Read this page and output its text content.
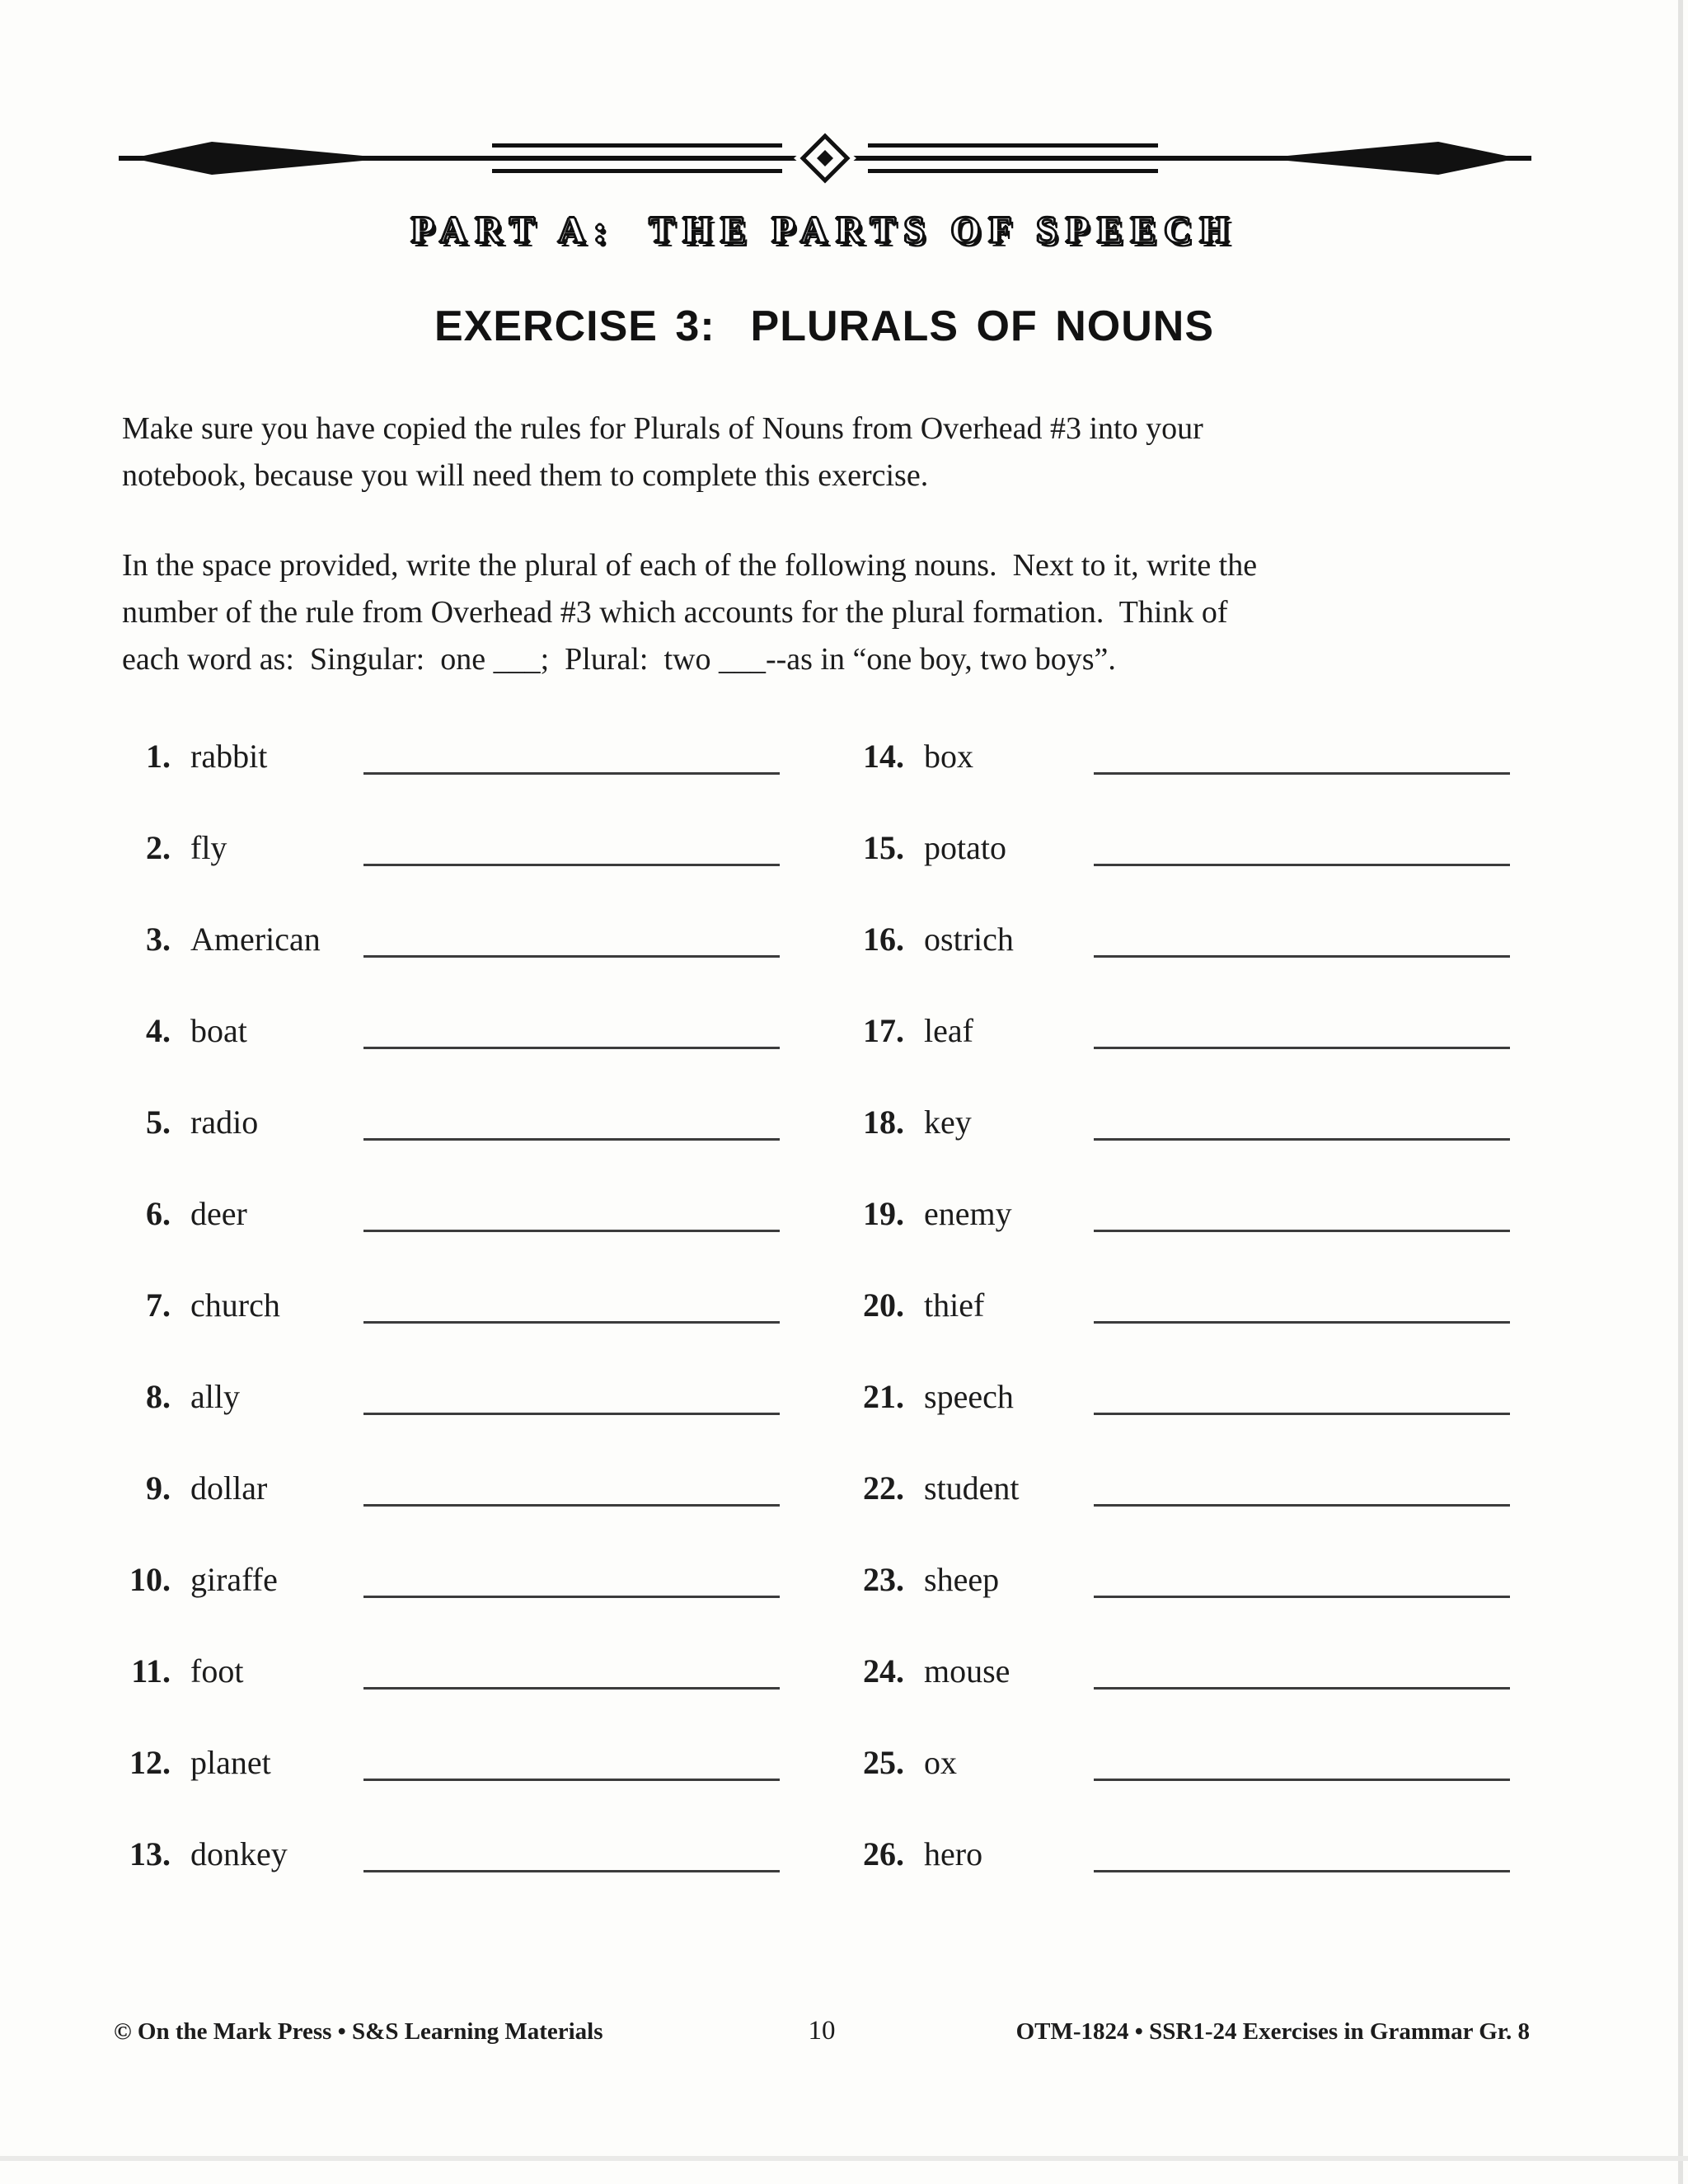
PART A:  THE PARTS OF SPEECH
EXERCISE 3:  PLURALS OF NOUNS
Make sure you have copied the rules for Plurals of Nouns from Overhead #3 into your
notebook, because you will need them to complete this exercise.
In the space provided, write the plural of each of the following nouns.  Next to it, write the
number of the rule from Overhead #3 which accounts for the plural formation.  Think of
each word as:  Singular:  one ___;  Plural:  two ___--as in “one boy, two boys”.
1. rabbit
2. fly
3. American
4. boat
5. radio
6. deer
7. church
8. ally
9. dollar
10. giraffe
11. foot
12. planet
13. donkey
14. box
15. potato
16. ostrich
17. leaf
18. key
19. enemy
20. thief
21. speech
22. student
23. sheep
24. mouse
25. ox
26. hero
© On the Mark Press • S&S Learning Materials	10	OTM-1824 • SSR1-24 Exercises in Grammar Gr. 8
